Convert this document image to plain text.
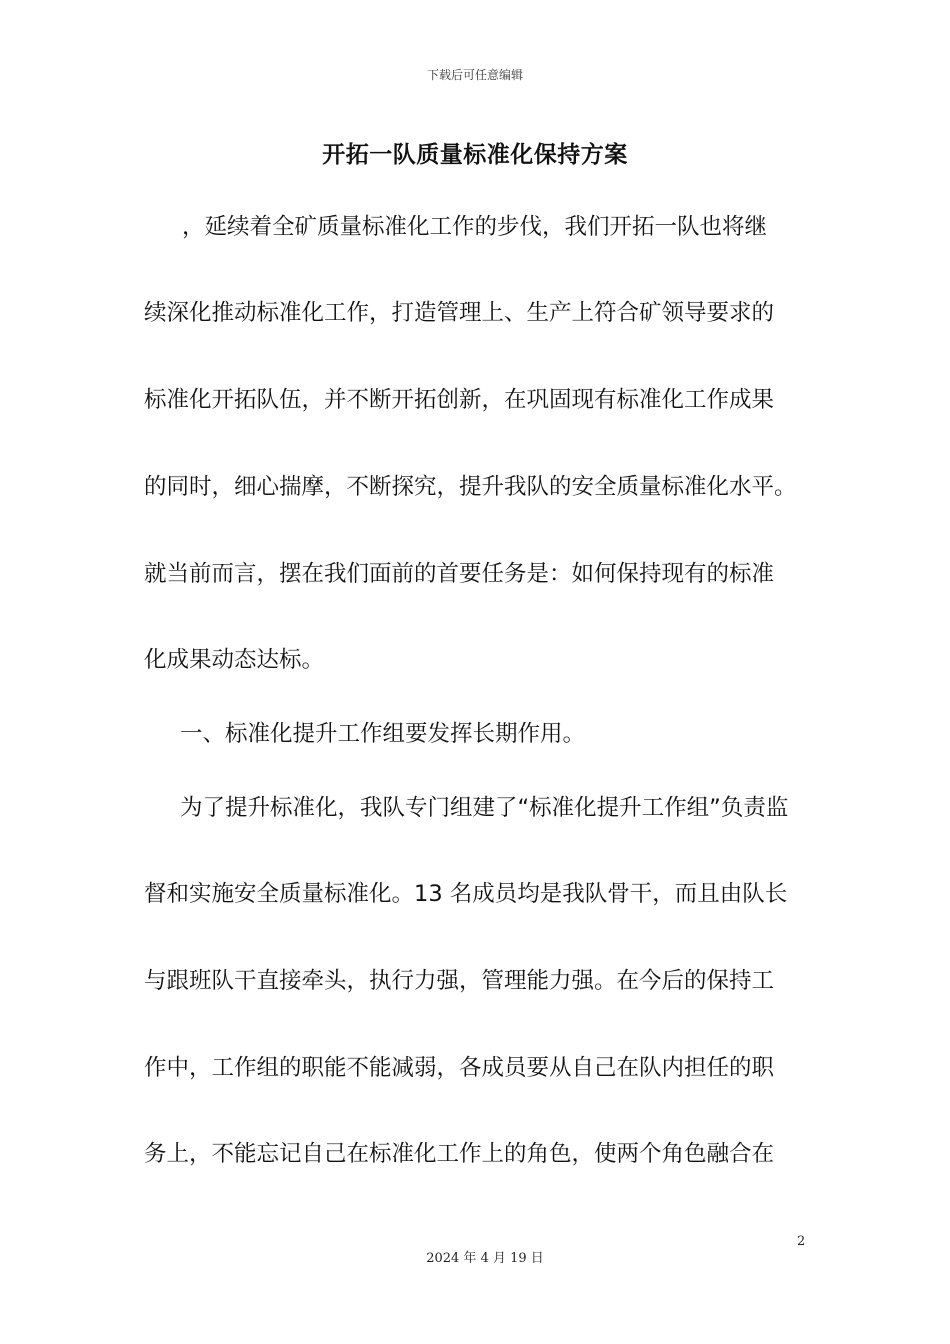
下载后可任意编辑
开拓一队质量标准化保持方案
，延续着全矿质量标准化工作的步伐，我们开拓一队也将继
续深化推动标准化工作，打造管理上、生产上符合矿领导要求的
标准化开拓队伍，并不断开拓创新，在巩固现有标准化工作成果
的同时，细心揣摩，不断探究，提升我队的安全质量标准化水平。
就当前而言，摆在我们面前的首要任务是：如何保持现有的标准
化成果动态达标。
一、标准化提升工作组要发挥长期作用。
为了提升标准化，我队专门组建了“标准化提升工作组”负责监
督和实施安全质量标准化。13 名成员均是我队骨干，而且由队长
与跟班队干直接牵头，执行力强，管理能力强。在今后的保持工
作中，工作组的职能不能减弱，各成员要从自己在队内担任的职
务上，不能忘记自己在标准化工作上的角色，使两个角色融合在
2
2024 年 4 月 19 日
